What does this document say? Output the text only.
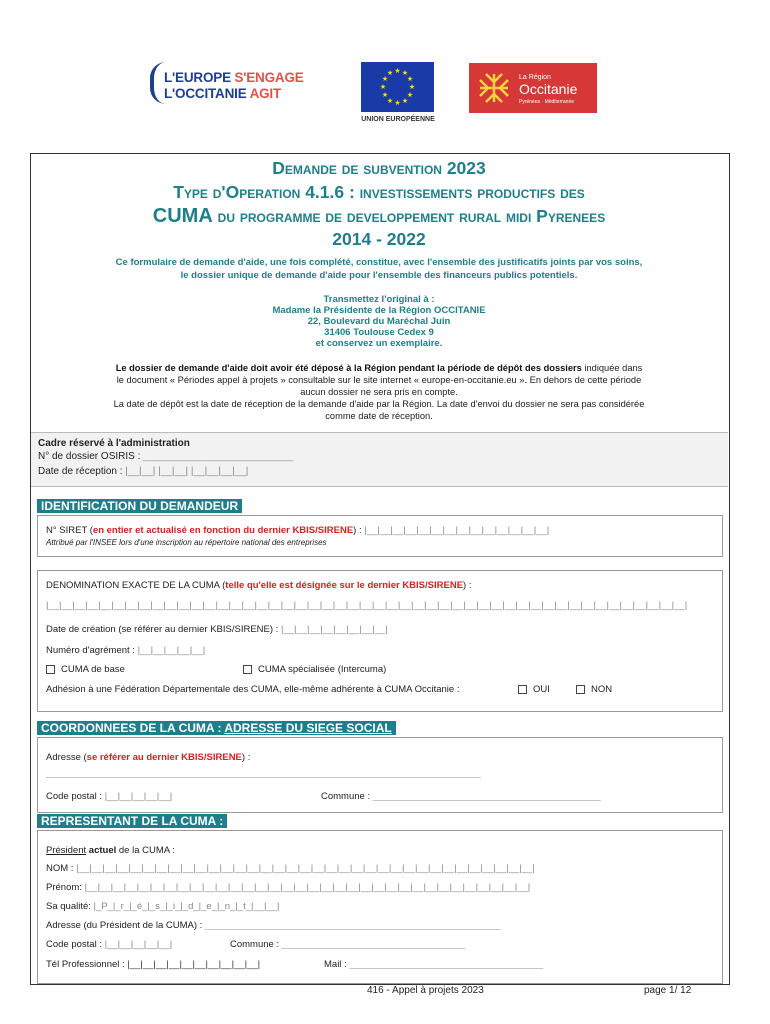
L'EUROPE S'ENGAGE
L'OCCITANIE AGIT
★ ★
★
★
★
★
★
★
★
★
★
★
UNION EUROPÉENNE
La Région
Occitanie
Pyrénées · Méditerranée
Demande de subvention 2023
Type d'Operation 4.1.6 : investissements productifs des
CUMA du programme de developpement rural midi Pyrenees
2014 - 2022
Ce formulaire de demande d'aide, une fois complété, constitue, avec l'ensemble des justificatifs joints par vos soins,
le dossier unique de demande d'aide pour l'ensemble des financeurs publics potentiels.
Transmettez l'original à :
Madame la Présidente de la Région OCCITANIE
22, Boulevard du Maréchal Juin
31406 Toulouse Cedex 9
et conservez un exemplaire.
Le dossier de demande d'aide doit avoir été déposé à la Région pendant la période de dépôt des dossiers indiquée dans
le document « Périodes appel à projets » consultable sur le site internet « europe-en-occitanie.eu ». En dehors de cette période
aucun dossier ne sera pris en compte.
La date de dépôt est la date de réception de la demande d'aide par la Région. La date d'envoi du dossier ne sera pas considérée
comme date de réception.
Cadre réservé à l'administration
N° de dossier OSIRIS : ___________________________
Date de réception : |__|__| |__|__| |__|__|__|__|
IDENTIFICATION DU DEMANDEUR
N° SIRET (en entier et actualisé en fonction du dernier KBIS/SIRENE) : |__|__|__|__|__|__|__|__|__|__|__|__|__|__|
Attribué par l'INSEE lors d'une inscription au répertoire national des entreprises
DENOMINATION EXACTE DE LA CUMA (telle qu'elle est désignée sur le dernier KBIS/SIRENE) :
|__|__|__|__|__|__|__|__|__|__|__|__|__|__|__|__|__|__|__|__|__|__|__|__|__|__|__|__|__|__|__|__|__|__|__|__|__|__|__|__|__|__|__|__|__|__|__|__|__|
Date de création (se référer au dernier KBIS/SIRENE) : |__|__|__|__|__|__|__|__|
Numéro d'agrément : |__|__|__|__|__|
CUMA de base	CUMA spécialisée (Intercuma)
Adhésion à une Fédération Départementale des CUMA, elle-même adhérente à CUMA Occitanie :	OUI	NON
COORDONNEES DE LA CUMA : ADRESSE DU SIEGE SOCIAL
Adresse (se référer au dernier KBIS/SIRENE) :
________________________________________________________________________________________________________________________________
Code postal : |__|__|__|__|__|	Commune : ___________________________________________________________________
REPRESENTANT DE LA CUMA :
Président actuel de la CUMA :
NOM : |__|__|__|__|__|__|__|__|__|__|__|__|__|__|__|__|__|__|__|__|__|__|__|__|__|__|__|__|__|__|__|__|__|__|__|
Prénom: |__|__|__|__|__|__|__|__|__|__|__|__|__|__|__|__|__|__|__|__|__|__|__|__|__|__|__|__|__|__|__|__|__|__|
Sa qualité: |_P_|_r_|_é_|_s_|_i_|_d_|_e_|_n_|_t_|__|__|
Adresse (du Président de la CUMA) : _______________________________________________________________________________________
Code postal : |__|__|__|__|__|	Commune : ______________________________________________________
Tél Professionnel : |__|__|__|__|__|__|__|__|__|__|	Mail : _________________________________________________________
416 - Appel à projets 2023	page 1/ 12
